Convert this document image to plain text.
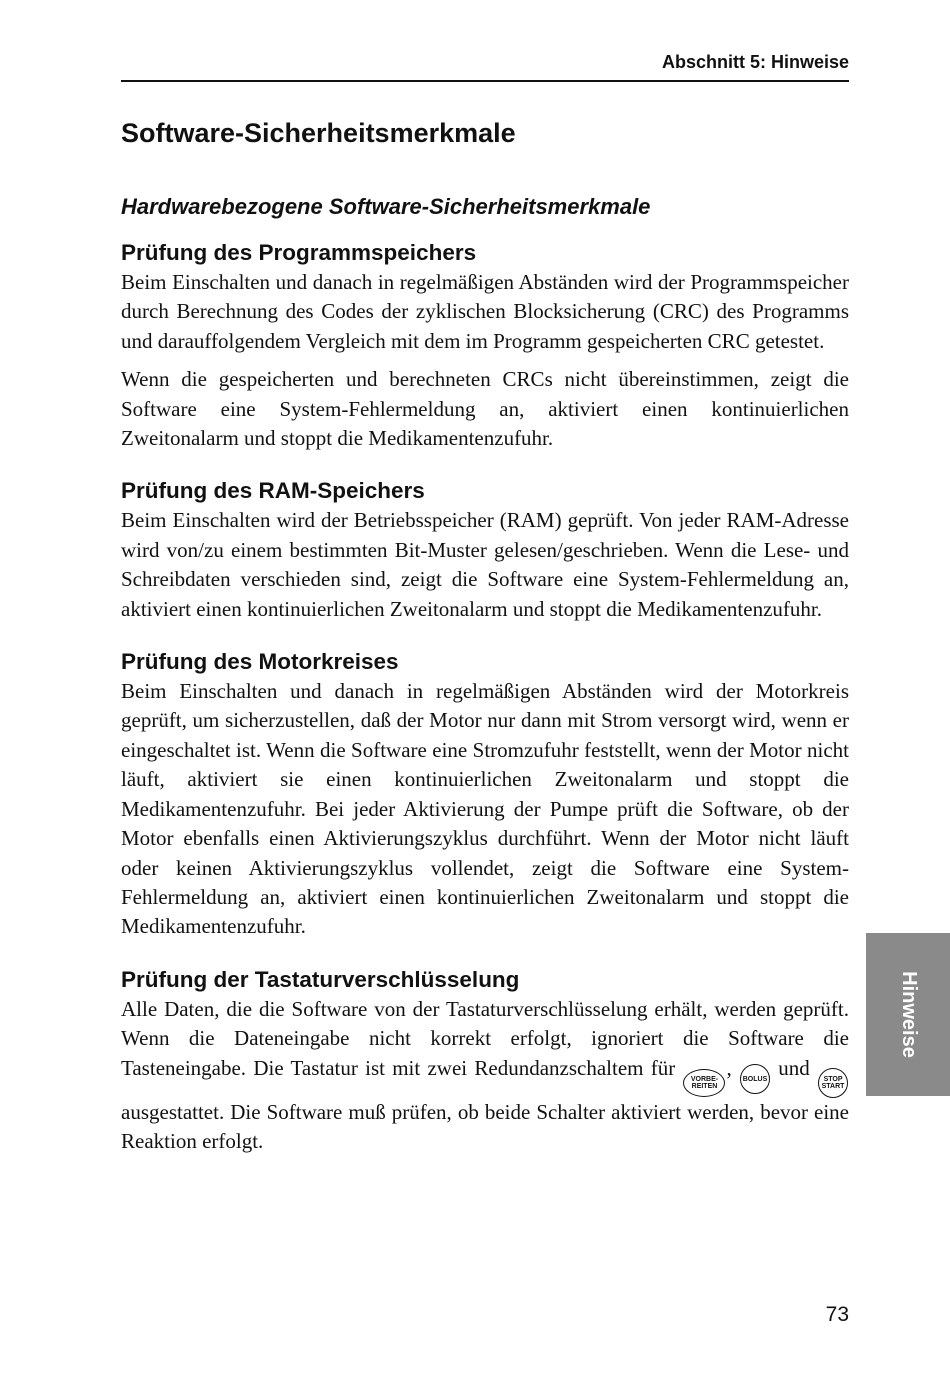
Abschnitt 5: Hinweise
Software-Sicherheitsmerkmale
Hardwarebezogene Software-Sicherheitsmerkmale
Prüfung des Programmspeichers

Beim Einschalten und danach in regelmäßigen Abständen wird der Programmspeicher durch Berechnung des Codes der zyklischen Blocksicherung (CRC) des Programms und darauffolgendem Vergleich mit dem im Programm gespeicherten CRC getestet.

Wenn die gespeicherten und berechneten CRCs nicht übereinstimmen, zeigt die Software eine System-Fehlermeldung an, aktiviert einen kontinuierlichen Zweitonalarm und stoppt die Medikamentenzufuhr.

Prüfung des RAM-Speichers

Beim Einschalten wird der Betriebsspeicher (RAM) geprüft. Von jeder RAM-Adresse wird von/zu einem bestimmten Bit-Muster gelesen/geschrieben. Wenn die Lese- und Schreibdaten verschieden sind, zeigt die Software eine System-Fehlermeldung an, aktiviert einen kontinuierlichen Zweitonalarm und stoppt die Medikamentenzufuhr.

Prüfung des Motorkreises

Beim Einschalten und danach in regelmäßigen Abständen wird der Motorkreis geprüft, um sicherzustellen, daß der Motor nur dann mit Strom versorgt wird, wenn er eingeschaltet ist. Wenn die Software eine Stromzufuhr feststellt, wenn der Motor nicht läuft, aktiviert sie einen kontinuierlichen Zweitonalarm und stoppt die Medikamentenzufuhr. Bei jeder Aktivierung der Pumpe prüft die Software, ob der Motor ebenfalls einen Aktivierungszyklus durchführt. Wenn der Motor nicht läuft oder keinen Aktivierungszyklus vollendet, zeigt die Software eine System-Fehlermeldung an, aktiviert einen kontinuierlichen Zweitonalarm und stoppt die Medikamentenzufuhr.

Prüfung der Tastaturverschlüsselung

Alle Daten, die die Software von der Tastaturverschlüsselung erhält, werden geprüft. Wenn die Dateneingabe nicht korrekt erfolgt, ignoriert die Software die Tasteneingabe. Die Tastatur ist mit zwei Redundanzschaltem für VORBE-
REITEN
, BOLUS und STOP
START
ausgestattet. Die Software muß prüfen, ob beide Schalter aktiviert werden, bevor eine Reaktion erfolgt.

Hinweise
73
